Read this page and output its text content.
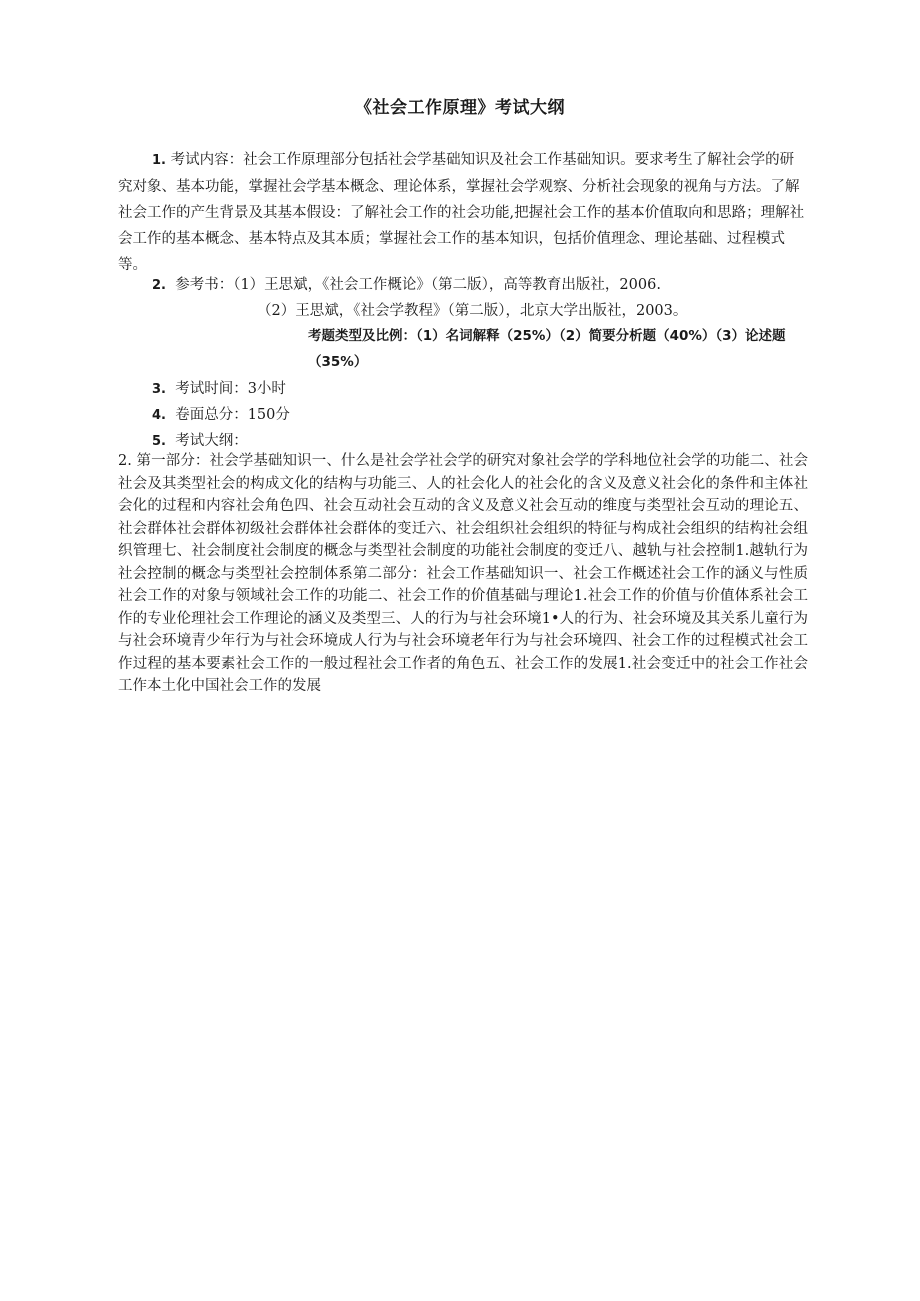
《社会工作原理》考试大纲
1. 考试内容：社会工作原理部分包括社会学基础知识及社会工作基础知识。要求考生了解社会学的研究对象、基本功能，掌握社会学基本概念、理论体系，掌握社会学观察、分析社会现象的视角与方法。了解社会工作的产生背景及其基本假设：了解社会工作的社会功能,把握社会工作的基本价值取向和思路；理解社会工作的基本概念、基本特点及其本质；掌握社会工作的基本知识，包括价值理念、理论基础、过程模式等。
2. 参考书：（1）王思斌，《社会工作概论》（第二版），高等教育出版社，2006.
（2）王思斌，《社会学教程》（第二版），北京大学出版社，2003。
考题类型及比例：（1）名词解释（25%）（2）简要分析题（40%）（3）论述题（35%）
3. 考试时间：3小时
4. 卷面总分：150分
5. 考试大纲：
2. 第一部分：社会学基础知识一、什么是社会学社会学的研究对象社会学的学科地位社会学的功能二、社会社会及其类型社会的构成文化的结构与功能三、人的社会化人的社会化的含义及意义社会化的条件和主体社会化的过程和内容社会角色四、社会互动社会互动的含义及意义社会互动的维度与类型社会互动的理论五、社会群体社会群体初级社会群体社会群体的变迁六、社会组织社会组织的特征与构成社会组织的结构社会组织管理七、社会制度社会制度的概念与类型社会制度的功能社会制度的变迁八、越轨与社会控制1.越轨行为社会控制的概念与类型社会控制体系第二部分：社会工作基础知识一、社会工作概述社会工作的涵义与性质社会工作的对象与领域社会工作的功能二、社会工作的价值基础与理论1.社会工作的价值与价值体系社会工作的专业伦理社会工作理论的涵义及类型三、人的行为与社会环境1•人的行为、社会环境及其关系儿童行为与社会环境青少年行为与社会环境成人行为与社会环境老年行为与社会环境四、社会工作的过程模式社会工作过程的基本要素社会工作的一般过程社会工作者的角色五、社会工作的发展1.社会变迁中的社会工作社会工作本土化中国社会工作的发展
